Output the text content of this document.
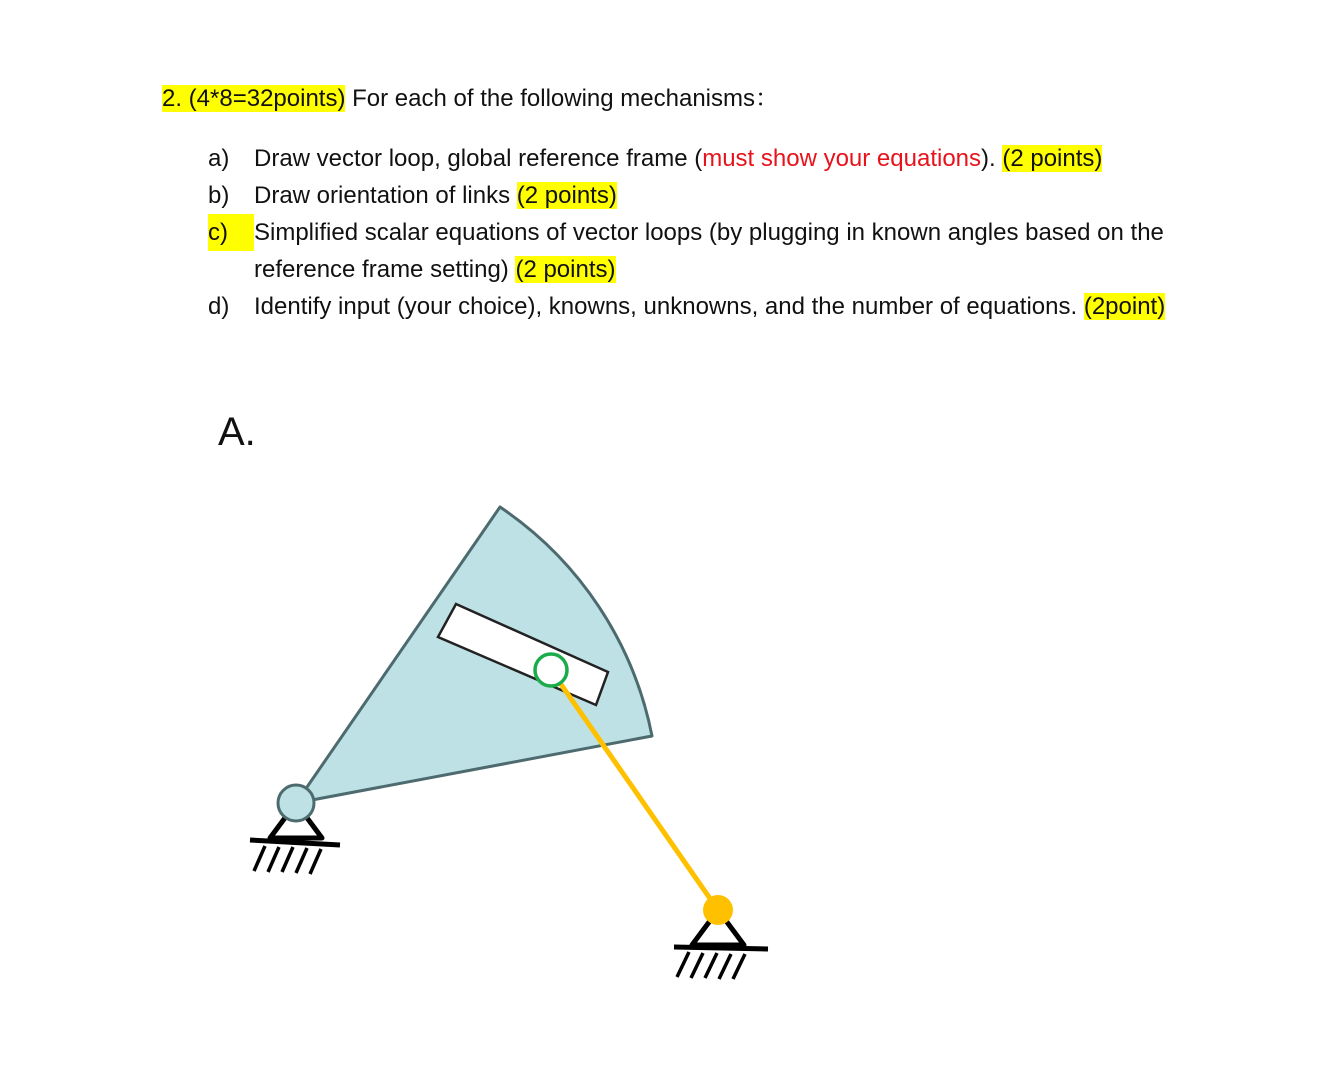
2. (4*8=32points) For each of the following mechanisms：
a)	Draw vector loop, global reference frame (must show your equations). (2 points)
b)	Draw orientation of links (2 points)
c)	Simplified scalar equations of vector loops (by plugging in known angles based on the
reference frame setting) (2 points)
d)	Identify input (your choice), knowns, unknowns, and the number of equations. (2point)
A.
